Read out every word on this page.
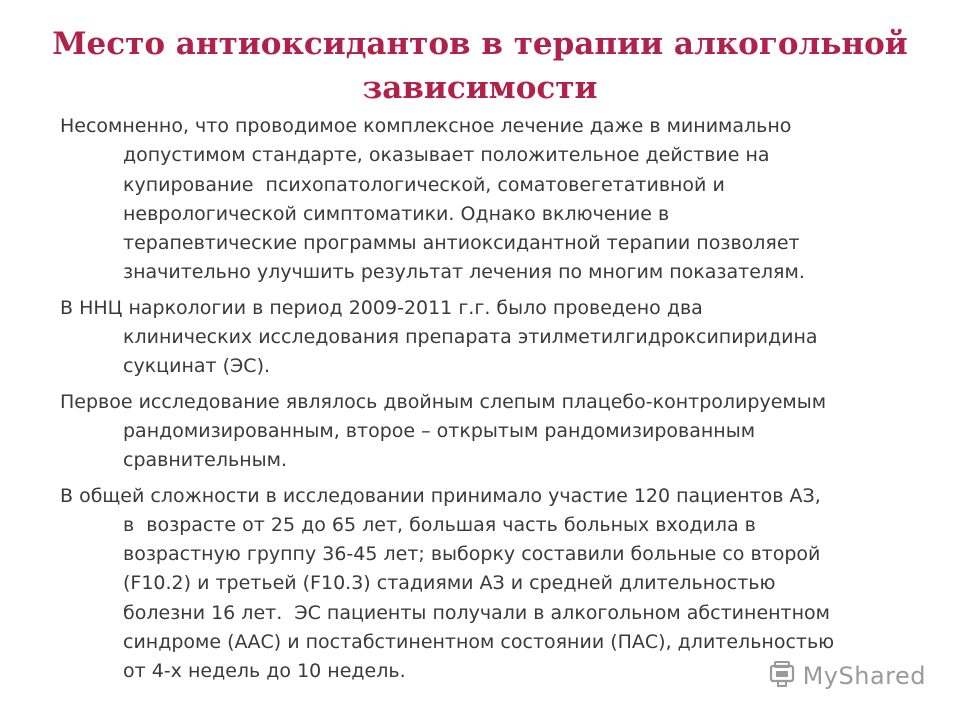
Место антиоксидантов в терапии алкогольной
зависимости
Несомненно, что проводимое комплексное лечение даже в минимально
допустимом стандарте, оказывает положительное действие на
купирование  психопатологической, соматовегетативной и
неврологической симптоматики. Однако включение в
терапевтические программы антиоксидантной терапии позволяет
значительно улучшить результат лечения по многим показателям.
В ННЦ наркологии в период 2009-2011 г.г. было проведено два
клинических исследования препарата этилметилгидроксипиридина
сукцинат (ЭС).
Первое исследование являлось двойным слепым плацебо-контролируемым
рандомизированным, второе – открытым рандомизированным
сравнительным.
В общей сложности в исследовании принимало участие 120 пациентов АЗ,
в  возрасте от 25 до 65 лет, большая часть больных входила в
возрастную группу 36-45 лет; выборку составили больные со второй
(F10.2) и третьей (F10.3) стадиями АЗ и средней длительностью
болезни 16 лет.  ЭС пациенты получали в алкогольном абстинентном
синдроме (ААС) и постабстинентном состоянии (ПАС), длительностью
от 4-х недель до 10 недель.	MyShared
